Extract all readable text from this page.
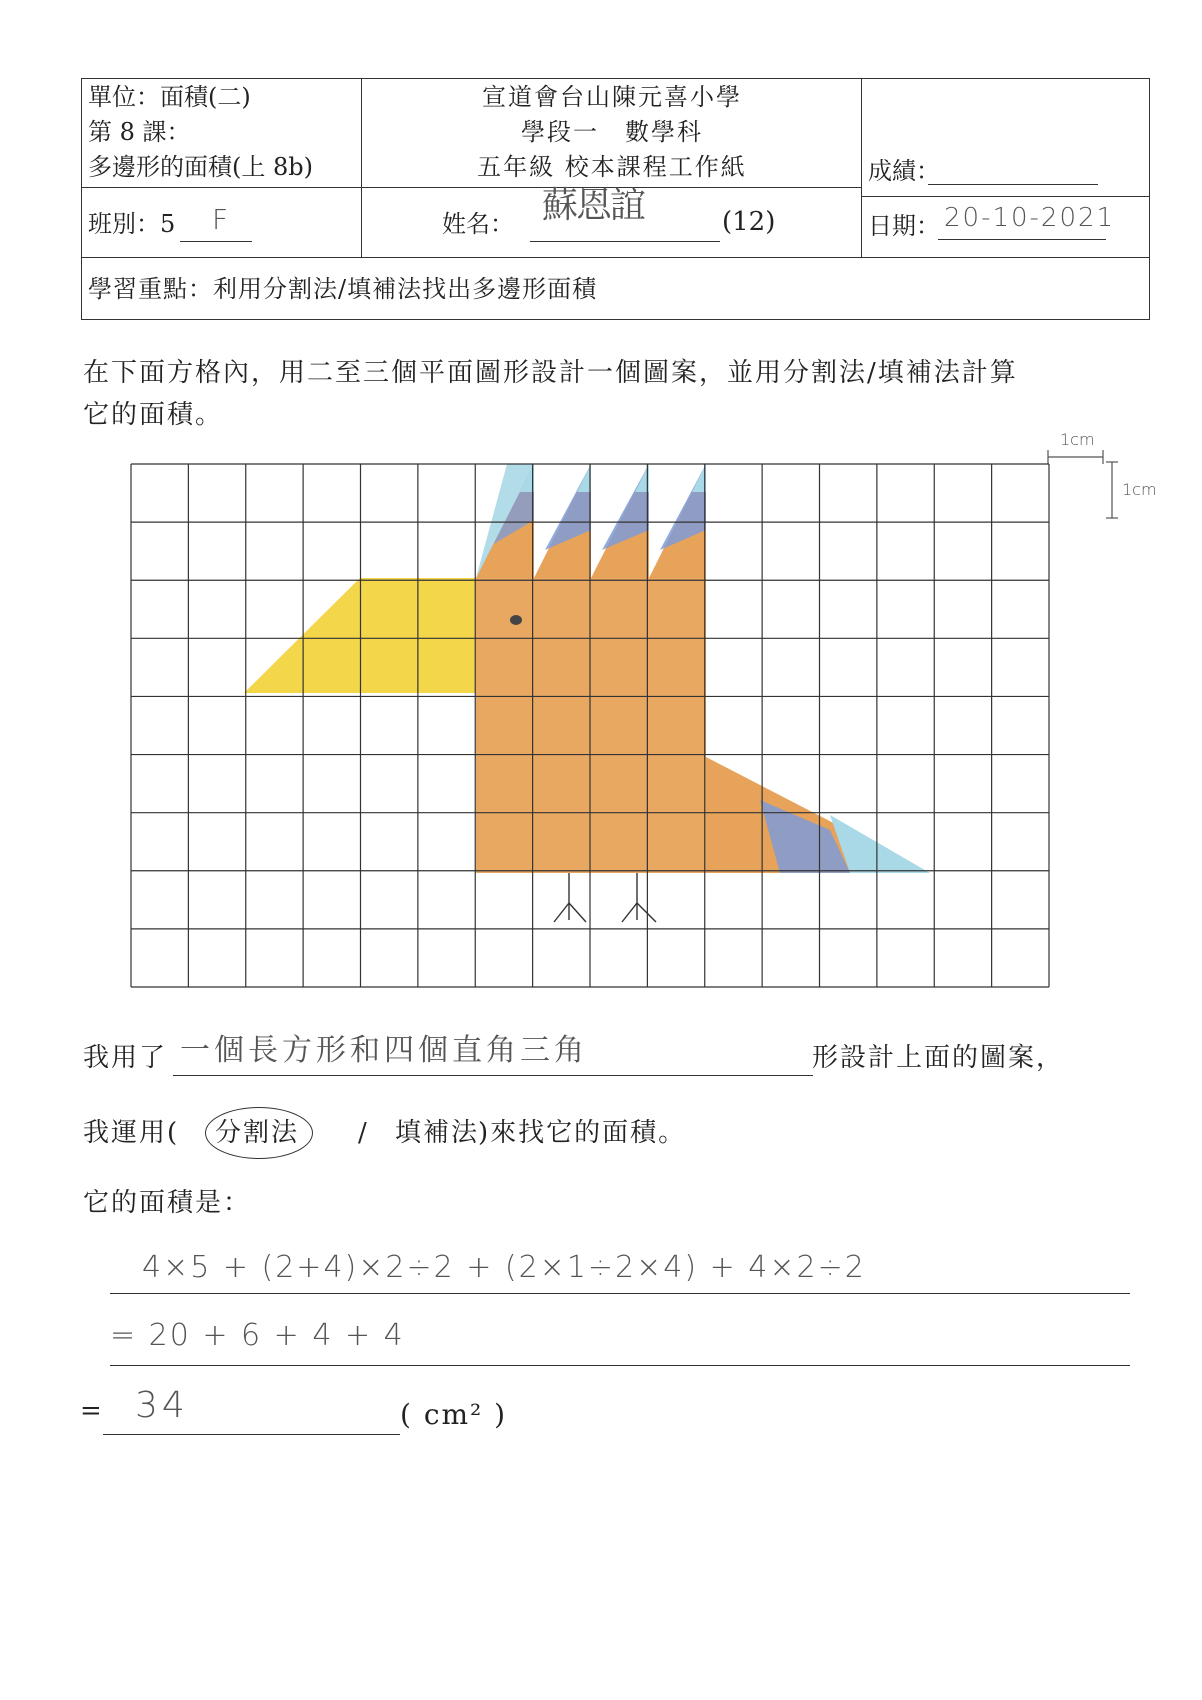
單位：面積(二)
第 8 課：
多邊形的面積(上 8b)
宣道會台山陳元喜小學
學段一　數學科
五年級 校本課程工作紙	成績：
班別：5 F	姓名： 蘇恩誼	(12)	日期： 20-10-2021
學習重點：利用分割法/填補法找出多邊形面積
在下面方格內，用二至三個平面圖形設計一個圖案，並用分割法/填補法計算
它的面積。
1cm
1cm
我用了 一個長方形和四個直角三角	形設計上面的圖案，
我運用( 分割法 / 填補法
)來找它的面積。
它的面積是：
4×5 + (2+4)×2÷2 + (2×1÷2×4) + 4×2÷2
= 20 + 6 + 4 + 4
= 34	( cm² )
